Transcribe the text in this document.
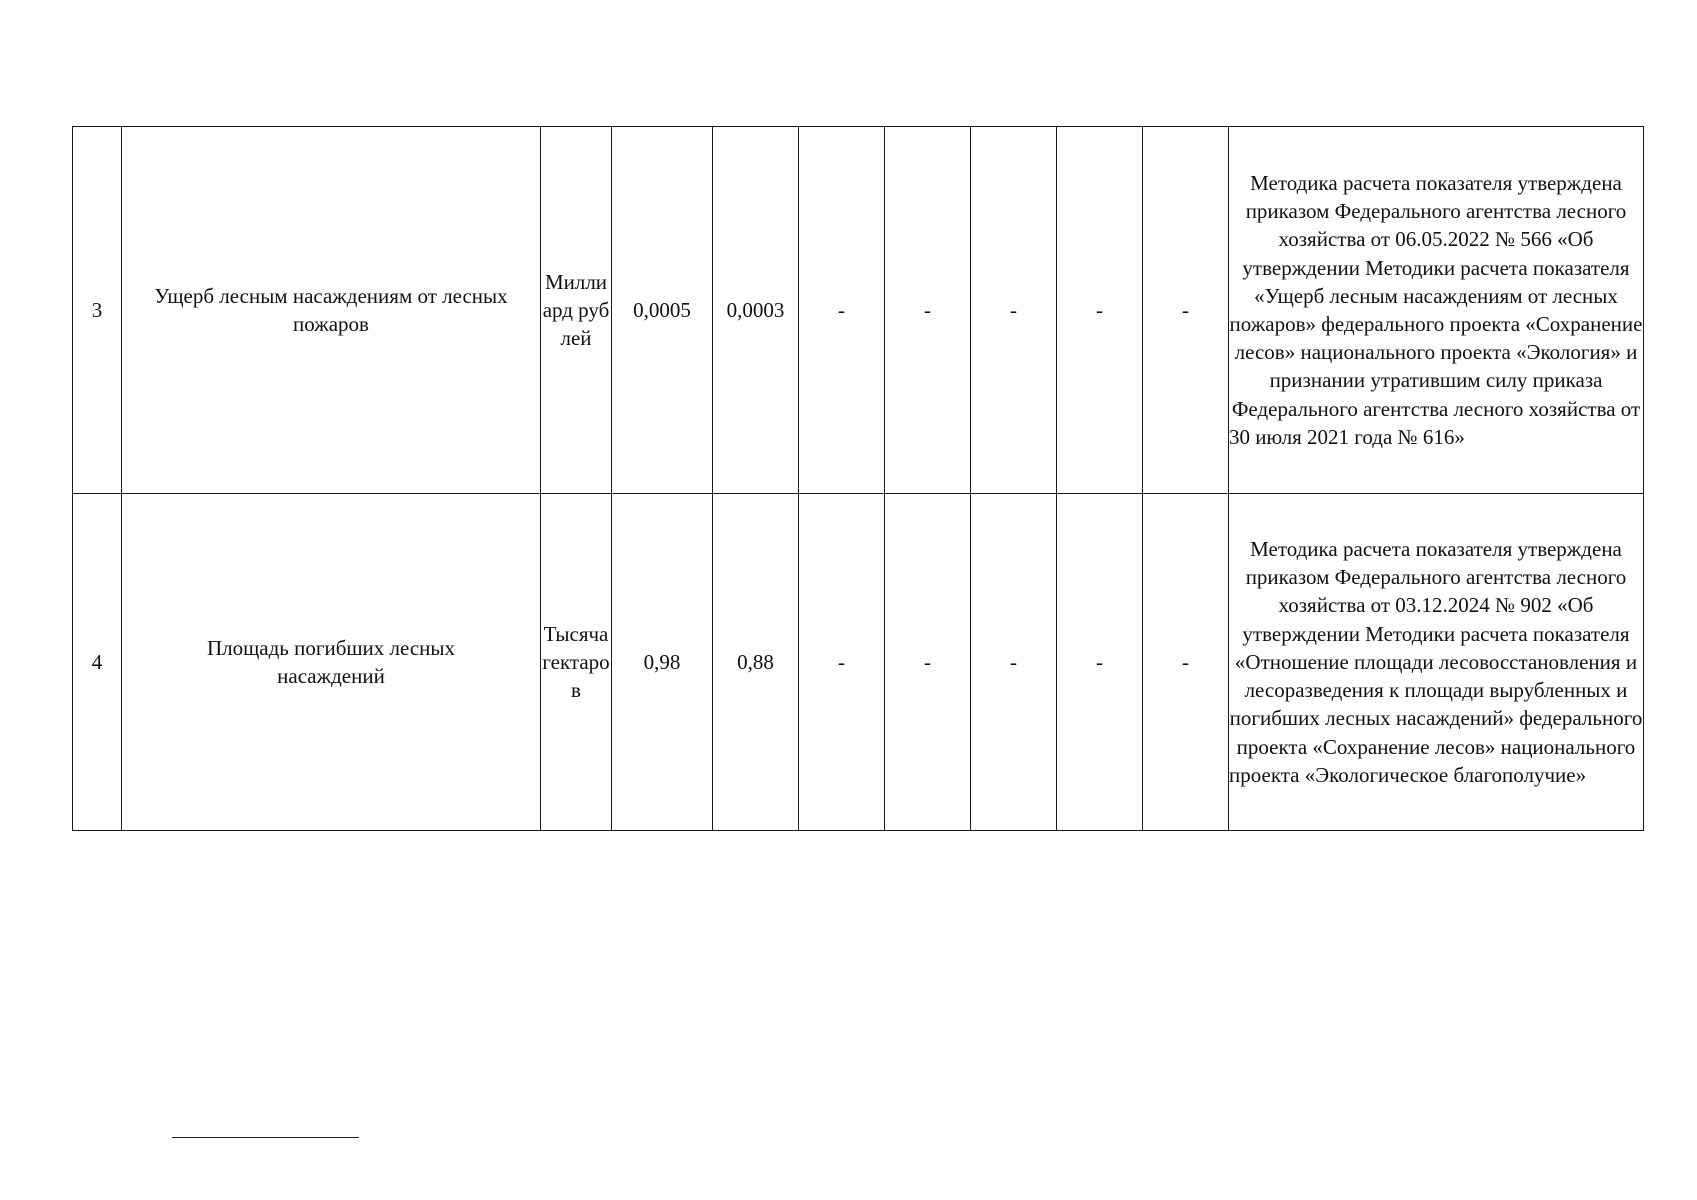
3	Ущерб лесным насаждениям от лесных пожаров	Миллиард рублей	0,0005	0,0003	-	-	-	-	-	Методика расчета показателя утверждена приказом Федерального агентства лесного хозяйства от 06.05.2022 № 566 «Об утверждении Методики расчета показателя «Ущерб лесным насаждениям от лесных пожаров» федерального проекта «Сохранение лесов» национального проекта «Экология» и признании утратившим силу приказа Федерального агентства лесного хозяйства от 30 июля 2021 года № 616»
4	Площадь погибших лесных насаждений	Тысяча гектаров	0,98	0,88	-	-	-	-	-	Методика расчета показателя утверждена приказом Федерального агентства лесного хозяйства от 03.12.2024 № 902 «Об утверждении Методики расчета показателя «Отношение площади лесовосстановления и лесоразведения к площади вырубленных и погибших лесных насаждений» федерального проекта «Сохранение лесов» национального проекта «Экологическое благополучие»
